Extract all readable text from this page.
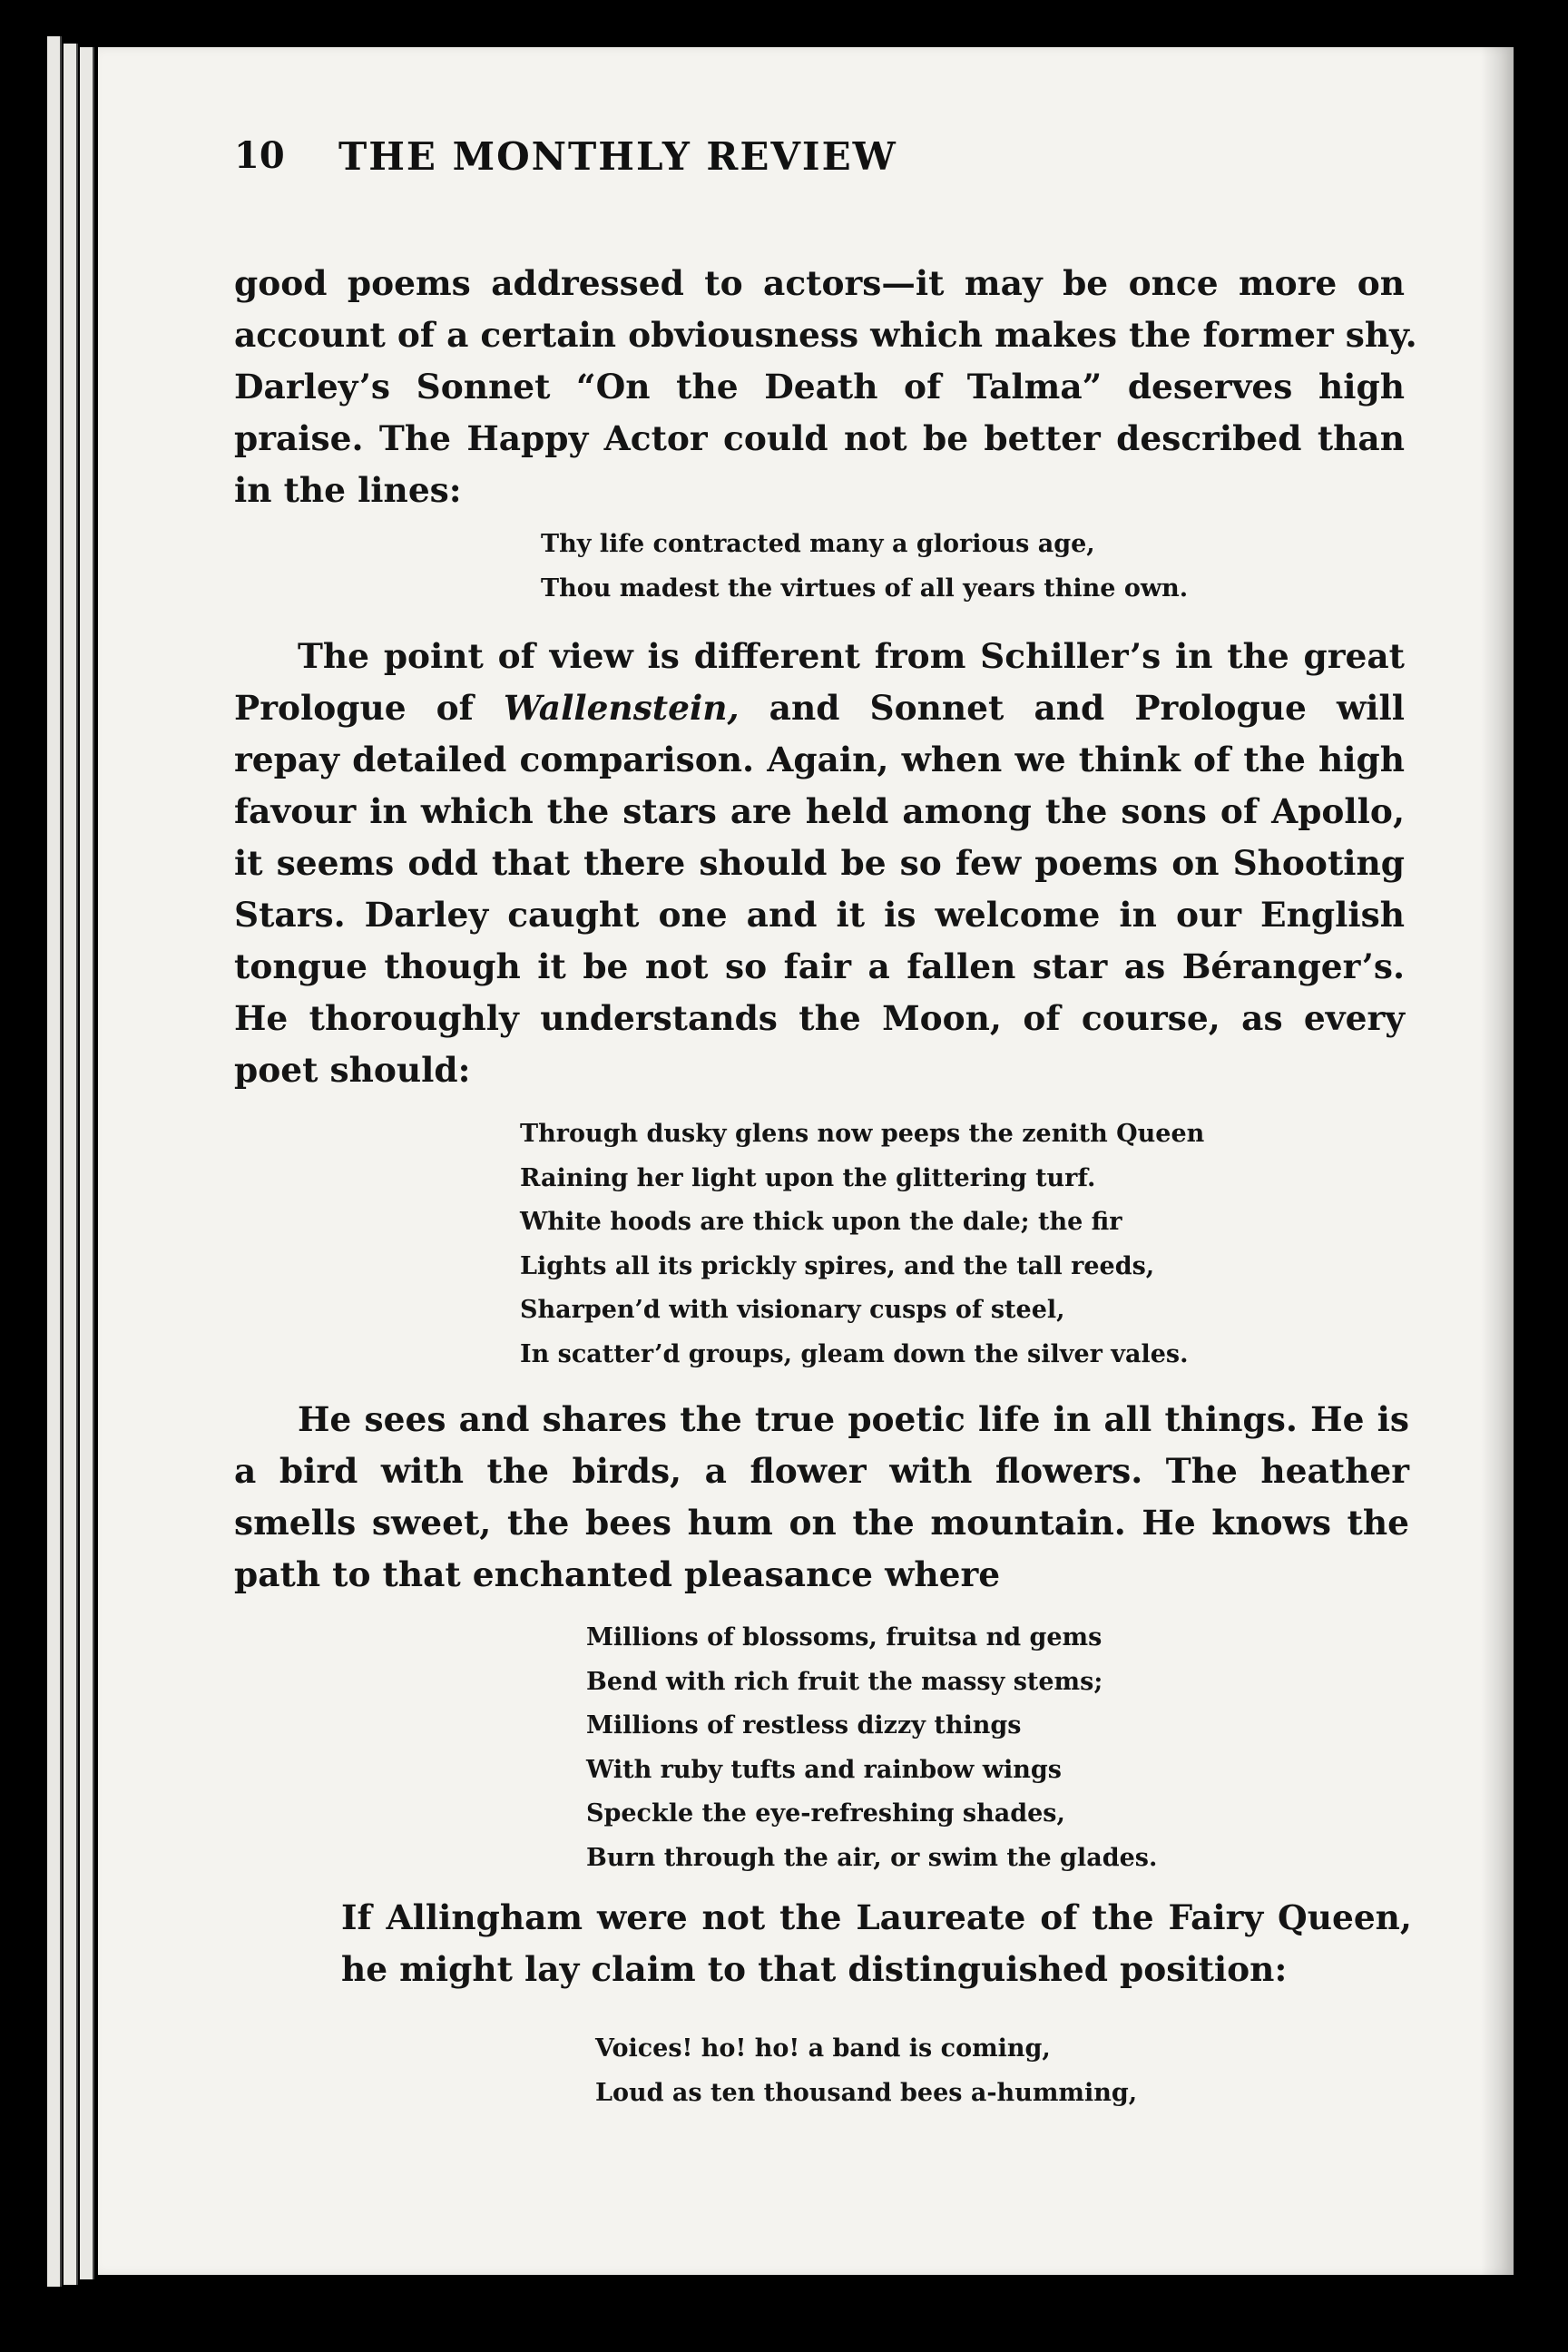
10 THE MONTHLY REVIEW
good poems addressed to actors—it may be once more on
account of a certain obviousness which makes the former shy.
Darley’s Sonnet “On the Death of Talma” deserves high
praise. The Happy Actor could not be better described than
in the lines:
Thy life contracted many a glorious age,
Thou madest the virtues of all years thine own.
The point of view is different from Schiller’s in the great
Prologue of Wallenstein, and Sonnet and Prologue will
repay detailed comparison. Again, when we think of the high
favour in which the stars are held among the sons of Apollo,
it seems odd that there should be so few poems on Shooting
Stars. Darley caught one and it is welcome in our English
tongue though it be not so fair a fallen star as Béranger’s.
He thoroughly understands the Moon, of course, as every
poet should:
Through dusky glens now peeps the zenith Queen
Raining her light upon the glittering turf.
White hoods are thick upon the dale; the fir
Lights all its prickly spires, and the tall reeds,
Sharpen’d with visionary cusps of steel,
In scatter’d groups, gleam down the silver vales.
He sees and shares the true poetic life in all things. He is
a bird with the birds, a flower with flowers. The heather
smells sweet, the bees hum on the mountain. He knows the
path to that enchanted pleasance where
Millions of blossoms, fruitsa nd gems
Bend with rich fruit the massy stems;
Millions of restless dizzy things
With ruby tufts and rainbow wings
Speckle the eye-refreshing shades,
Burn through the air, or swim the glades.
If Allingham were not the Laureate of the Fairy Queen,
he might lay claim to that distinguished position:
Voices! ho! ho! a band is coming,
Loud as ten thousand bees a-humming,
